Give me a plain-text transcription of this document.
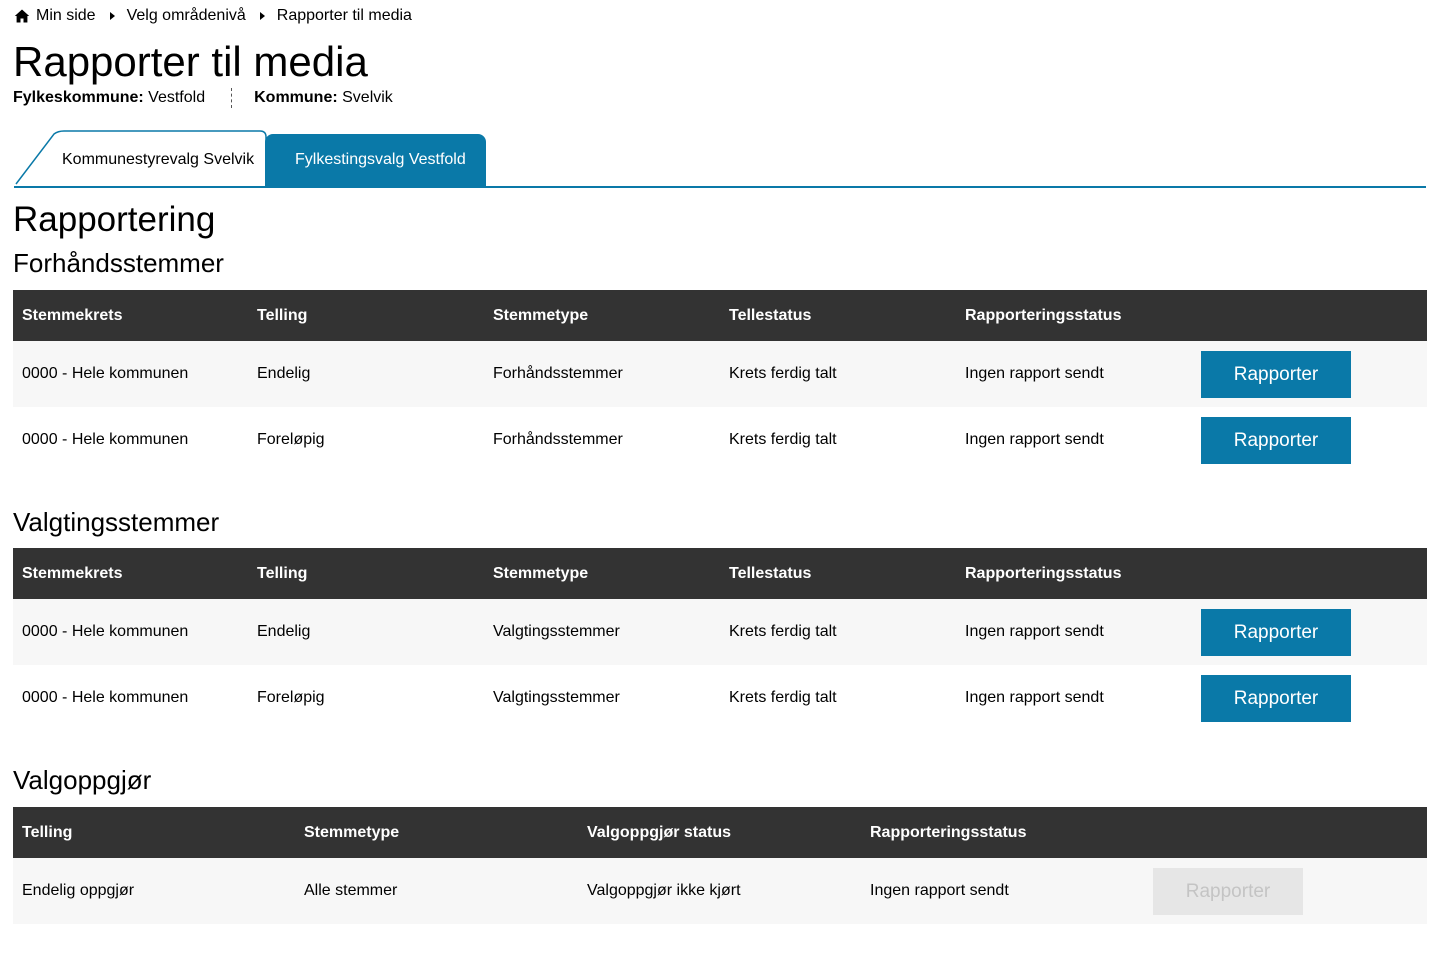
Min side Velg områdenivå Rapporter til media
Rapporter til media
Fylkeskommune:
Vestfold	Kommune:
Svelvik
Kommunestyrevalg Svelvik	Fylkestingsvalg Vestfold
Rapportering
Forhåndsstemmer
Stemmekrets	Telling	Stemmetype	Tellestatus	Rapporteringsstatus	
0000 - Hele kommunen	Endelig	Forhåndsstemmer	Krets ferdig talt	Ingen rapport sendt	Rapporter
0000 - Hele kommunen	Foreløpig	Forhåndsstemmer	Krets ferdig talt	Ingen rapport sendt	Rapporter
Valgtingsstemmer
Stemmekrets	Telling	Stemmetype	Tellestatus	Rapporteringsstatus	
0000 - Hele kommunen	Endelig	Valgtingsstemmer	Krets ferdig talt	Ingen rapport sendt	Rapporter
0000 - Hele kommunen	Foreløpig	Valgtingsstemmer	Krets ferdig talt	Ingen rapport sendt	Rapporter
Valgoppgjør
Telling	Stemmetype	Valgoppgjør status	Rapporteringsstatus	
Endelig oppgjør	Alle stemmer	Valgoppgjør ikke kjørt	Ingen rapport sendt	Rapporter
